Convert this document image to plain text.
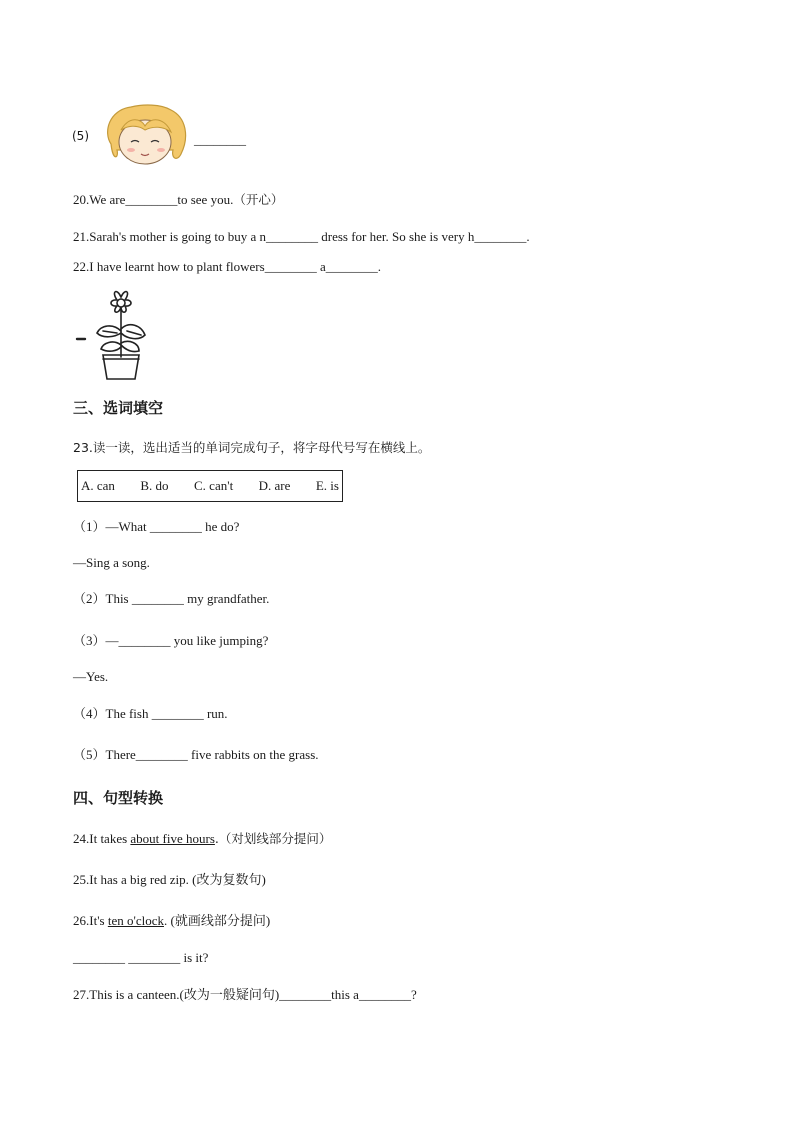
(5)	________
20.We are________to see you.（开心）
21.Sarah's mother is going to buy a n________ dress for her. So she is very h________.
22.I have learnt how to plant flowers________ a________.
三、选词填空
23.读一读，选出适当的单词完成句子，将字母代号写在横线上。
A. can B. do C. can't D. are E. is
（1）—What ________ he do?
—Sing a song.
（2）This ________ my grandfather.
（3）—________ you like jumping?
—Yes.
（4）The fish ________ run.
（5）There________ five rabbits on the grass.
四、句型转换
24.It takes about five hours.（对划线部分提问）
25.It has a big red zip. (改为复数句)
26.It's ten o'clock. (就画线部分提问)
________ ________ is it?
27.This is a canteen.(改为一般疑问句)________this a________?
